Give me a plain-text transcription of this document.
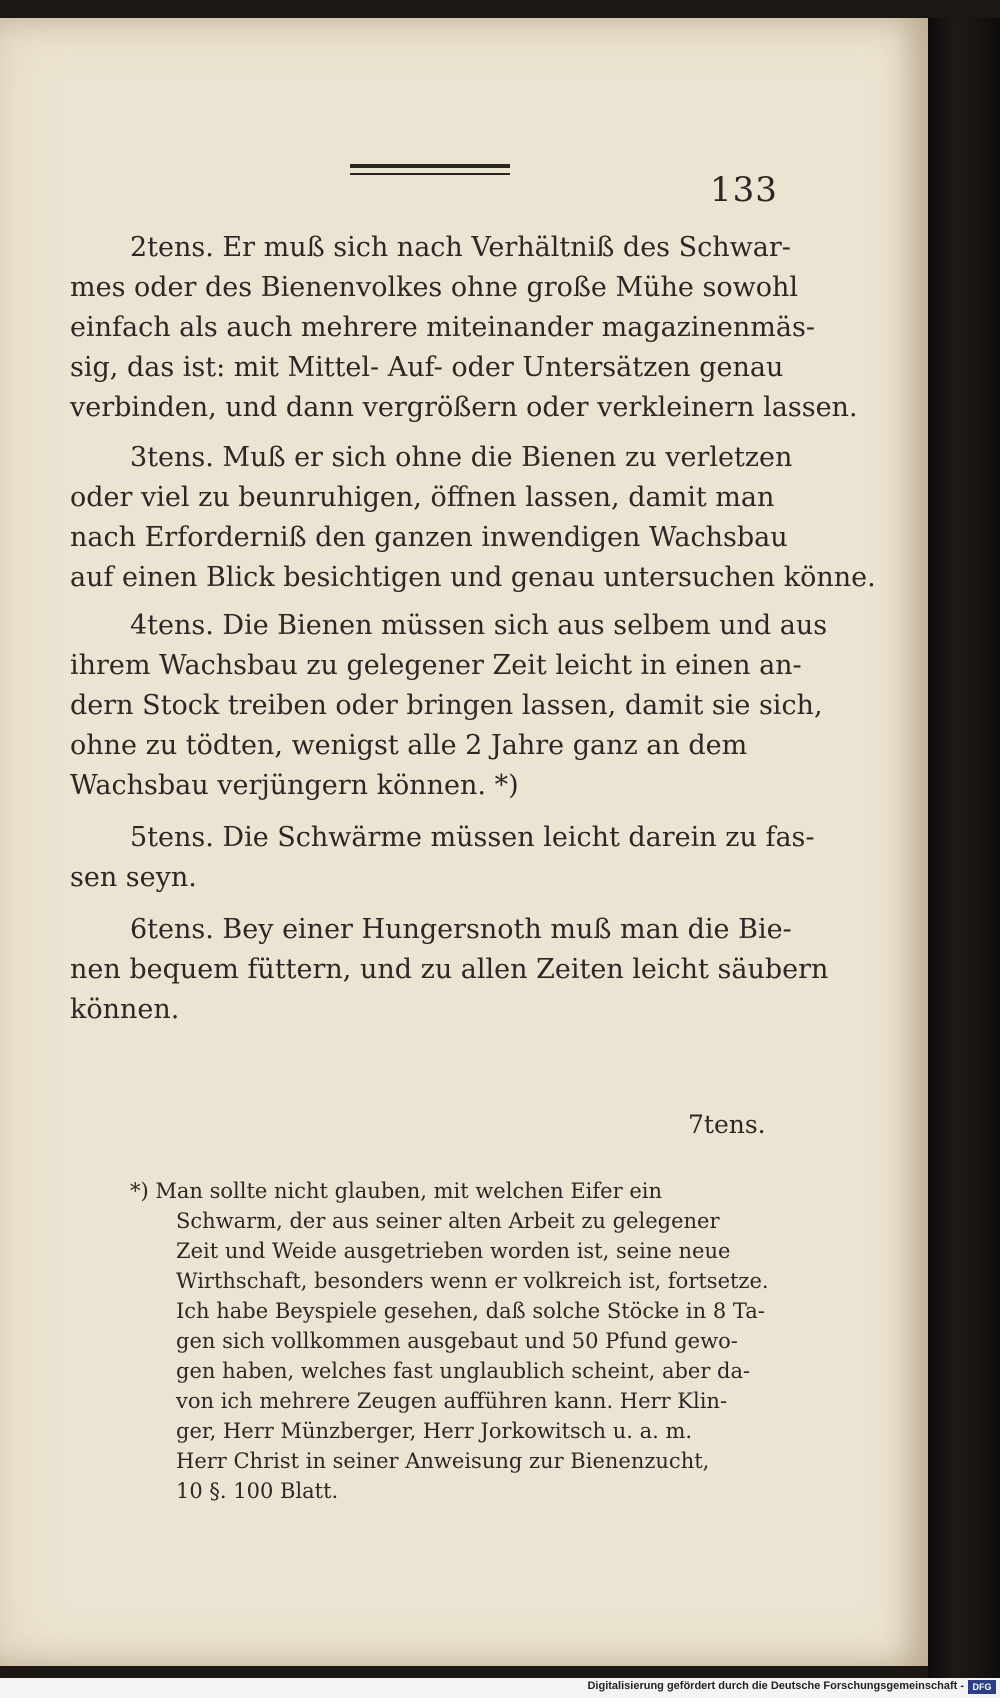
133

2tens. Er muß sich nach Verhältniß des Schwar-
mes oder des Bienenvolkes ohne große Mühe sowohl
einfach als auch mehrere miteinander magazinenmäs-
sig, das ist: mit Mittel- Auf- oder Untersätzen genau
verbinden, und dann vergrößern oder verkleinern lassen.

3tens. Muß er sich ohne die Bienen zu verletzen
oder viel zu beunruhigen, öffnen lassen, damit man
nach Erforderniß den ganzen inwendigen Wachsbau
auf einen Blick besichtigen und genau untersuchen könne.

4tens. Die Bienen müssen sich aus selbem und aus
ihrem Wachsbau zu gelegener Zeit leicht in einen an-
dern Stock treiben oder bringen lassen, damit sie sich,
ohne zu tödten, wenigst alle 2 Jahre ganz an dem
Wachsbau verjüngern können. *)

5tens. Die Schwärme müssen leicht darein zu fas-
sen seyn.

6tens. Bey einer Hungersnoth muß man die Bie-
nen bequem füttern, und zu allen Zeiten leicht säubern
können.

7tens.
*) Man sollte nicht glauben, mit welchen Eifer ein
Schwarm, der aus seiner alten Arbeit zu gelegener
Zeit und Weide ausgetrieben worden ist, seine neue
Wirthschaft, besonders wenn er volkreich ist, fortsetze.
Ich habe Beyspiele gesehen, daß solche Stöcke in 8 Ta-
gen sich vollkommen ausgebaut und 50 Pfund gewo-
gen haben, welches fast unglaublich scheint, aber da-
von ich mehrere Zeugen aufführen kann. Herr Klin-
ger, Herr Münzberger, Herr Jorkowitsch u. a. m.
Herr Christ in seiner Anweisung zur Bienenzucht,
10 §. 100 Blatt.
Digitalisierung gefördert durch die Deutsche Forschungsgemeinschaft - DFG
